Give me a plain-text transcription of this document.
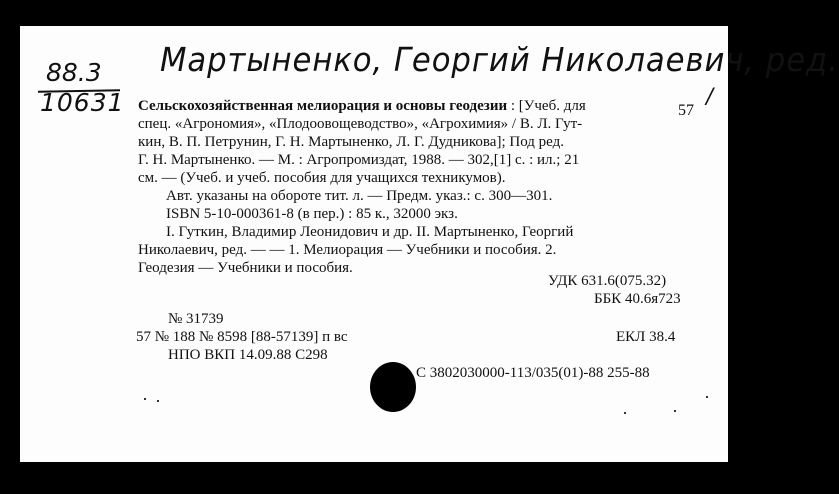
Мартыненко, Георгий Николаевич, ред.
88.3
10631	/
57
Сельскохозяйственная мелиорация и основы геодезии : [Учеб. для
спец. «Агрономия», «Плодоовощеводство», «Агрохимия» / В. Л. Гут-
кин, В. П. Петрунин, Г. Н. Мартыненко, Л. Г. Дудникова]; Под ред.
Г. Н. Мартыненко. — М. : Агропромиздат, 1988. — 302,[1] с. : ил.; 21
см. — (Учеб. и учеб. пособия для учащихся техникумов).
Авт. указаны на обороте тит. л. — Предм. указ.: с. 300—301.
ISBN 5-10-000361-8 (в пер.) : 85 к., 32000 экз.
I. Гуткин, Владимир Леонидович и др. II. Мартыненко, Георгий
Николаевич, ред. — — 1. Мелиорация — Учебники и пособия. 2.
Геодезия — Учебники и пособия.
УДК 631.6(075.32)
ББК 40.6я723
№ 31739
57 № 188 № 8598 [88-57139] п вс	ЕКЛ 38.4
НПО ВКП 14.09.88 С298
С 3802030000-113/035(01)-88 255-88
